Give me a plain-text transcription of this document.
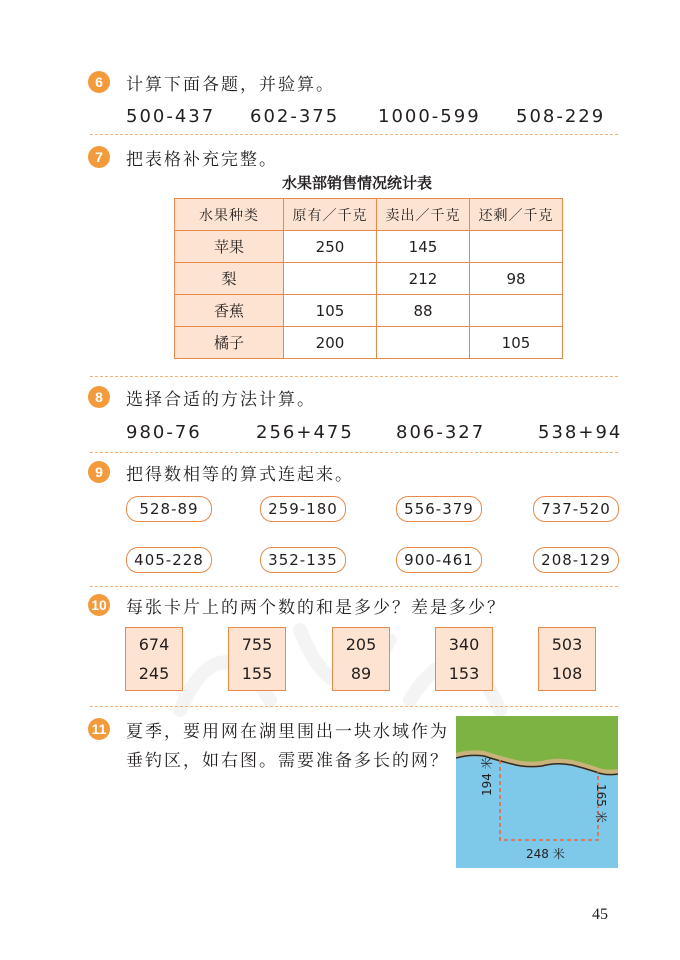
6	计算下面各题，并验算。
500-437 602-375 1000-599 508-229
7	把表格补充完整。
水果部销售情况统计表
水果种类	原有／千克	卖出／千克	还剩／千克
苹果	250	145	
梨		212	98
香蕉	105	88	
橘子	200		105
8	选择合适的方法计算。
980-76	256+475 806-327	538+94
9	把得数相等的算式连起来。
528-89	259-180	556-379	737-520
405-228	352-135	900-461	208-129
10 每张卡片上的两个数的和是多少？差是多少？
674
245
755
155
205
89
340
153
503
108
11 夏季，要用网在湖里围出一块水域作为
垂钓区，如右图。需要准备多长的网？	194 米
165 米
248 米
45
